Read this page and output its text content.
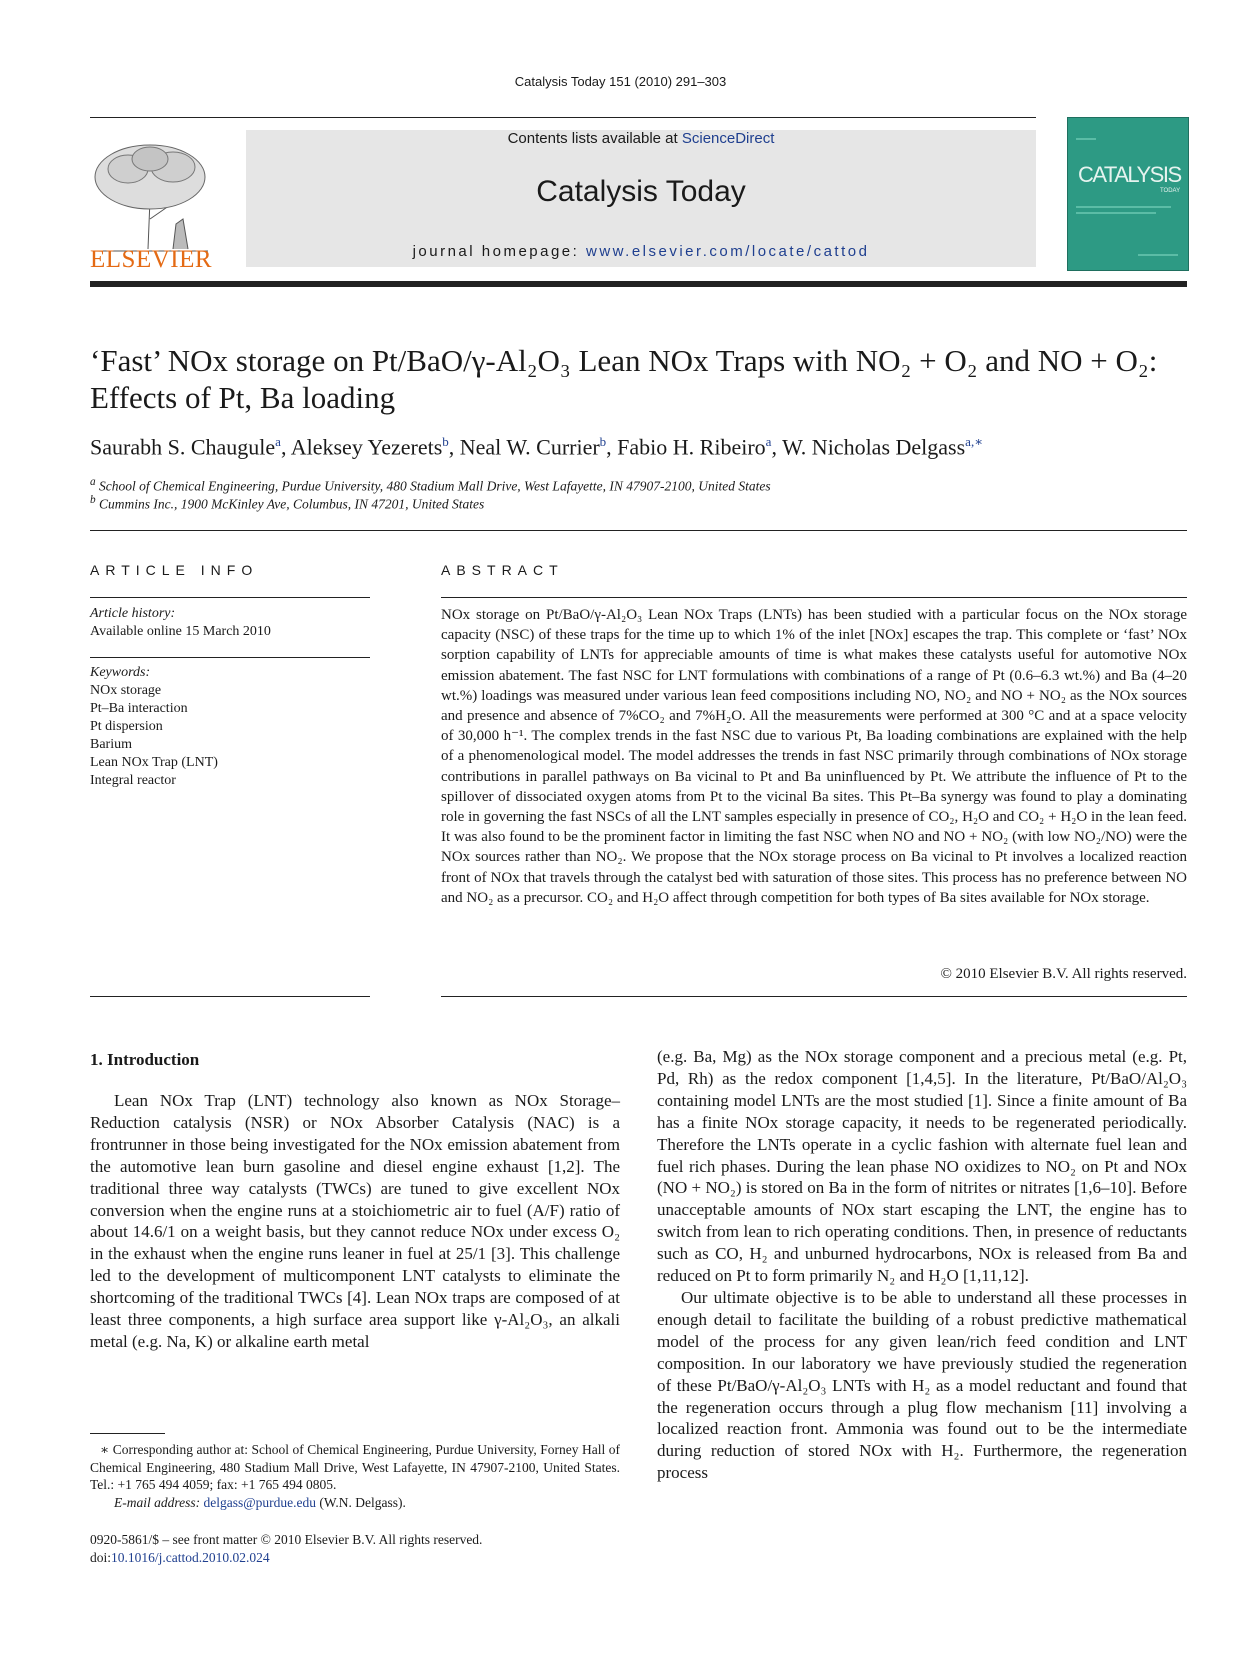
Catalysis Today 151 (2010) 291–303
ELSEVIER
Contents lists available at ScienceDirect
Catalysis Today
journal homepage: www.elsevier.com/locate/cattod
CATALYSIS
TODAY
‘Fast’ NOx storage on Pt/BaO/γ-Al₂O₃ Lean NOx Traps with NO₂ + O₂ and NO + O₂:
Effects of Pt, Ba loading
Saurabh S. Chaugule$^a$, Aleksey Yezerets$^b$, Neal W. Currier$^b$, Fabio H. Ribeiro$^a$, W. Nicholas Delgass$^{a,∗}$
$^a$ School of Chemical Engineering, Purdue University, 480 Stadium Mall Drive, West Lafayette, IN 47907-2100, United States
$^b$ Cummins Inc., 1900 McKinley Ave, Columbus, IN 47201, United States
ARTICLE INFO	ABSTRACT
Article history:
Available online 15 March 2010
Keywords:
NOx storage
Pt–Ba interaction
Pt dispersion
Barium
Lean NOx Trap (LNT)
Integral reactor
NOx storage on Pt/BaO/γ-Al₂O₃ Lean NOx Traps (LNTs) has been studied with a particular focus on the NOx storage capacity (NSC) of these traps for the time up to which 1% of the inlet [NOx] escapes the trap. This complete or ‘fast’ NOx sorption capability of LNTs for appreciable amounts of time is what makes these catalysts useful for automotive NOx emission abatement. The fast NSC for LNT formulations with combinations of a range of Pt (0.6–6.3 wt.%) and Ba (4–20 wt.%) loadings was measured under various lean feed compositions including NO, NO₂ and NO + NO₂ as the NOx sources and presence and absence of 7%CO₂ and 7%H₂O. All the measurements were performed at 300 °C and at a space velocity of 30,000 h⁻¹. The complex trends in the fast NSC due to various Pt, Ba loading combinations are explained with the help of a phenomenological model. The model addresses the trends in fast NSC primarily through combinations of NOx storage contributions in parallel pathways on Ba vicinal to Pt and Ba uninfluenced by Pt. We attribute the influence of Pt to the spillover of dissociated oxygen atoms from Pt to the vicinal Ba sites. This Pt–Ba synergy was found to play a dominating role in governing the fast NSCs of all the LNT samples especially in presence of CO₂, H₂O and CO₂ + H₂O in the lean feed. It was also found to be the prominent factor in limiting the fast NSC when NO and NO + NO₂ (with low NO₂/NO) were the NOx sources rather than NO₂. We propose that the NOx storage process on Ba vicinal to Pt involves a localized reaction front of NOx that travels through the catalyst bed with saturation of those sites. This process has no preference between NO and NO₂ as a precursor. CO₂ and H₂O affect through competition for both types of Ba sites available for NOx storage.
© 2010 Elsevier B.V. All rights reserved.
1. Introduction

Lean NOx Trap (LNT) technology also known as NOx Storage–Reduction catalysis (NSR) or NOx Absorber Catalysis (NAC) is a frontrunner in those being investigated for the NOx emission abatement from the automotive lean burn gasoline and diesel engine exhaust [1,2]. The traditional three way catalysts (TWCs) are tuned to give excellent NOx conversion when the engine runs at a stoichiometric air to fuel (A/F) ratio of about 14.6/1 on a weight basis, but they cannot reduce NOx under excess O₂ in the exhaust when the engine runs leaner in fuel at 25/1 [3]. This challenge led to the development of multicomponent LNT catalysts to eliminate the shortcoming of the traditional TWCs [4]. Lean NOx traps are composed of at least three components, a high surface area support like γ-Al₂O₃, an alkali metal (e.g. Na, K) or alkaline earth metal

(e.g. Ba, Mg) as the NOx storage component and a precious metal (e.g. Pt, Pd, Rh) as the redox component [1,4,5]. In the literature, Pt/BaO/Al₂O₃ containing model LNTs are the most studied [1]. Since a finite amount of Ba has a finite NOx storage capacity, it needs to be regenerated periodically. Therefore the LNTs operate in a cyclic fashion with alternate fuel lean and fuel rich phases. During the lean phase NO oxidizes to NO₂ on Pt and NOx (NO + NO₂) is stored on Ba in the form of nitrites or nitrates [1,6–10]. Before unacceptable amounts of NOx start escaping the LNT, the engine has to switch from lean to rich operating conditions. Then, in presence of reductants such as CO, H₂ and unburned hydrocarbons, NOx is released from Ba and reduced on Pt to form primarily N₂ and H₂O [1,11,12].

Our ultimate objective is to be able to understand all these processes in enough detail to facilitate the building of a robust predictive mathematical model of the process for any given lean/rich feed condition and LNT composition. In our laboratory we have previously studied the regeneration of these Pt/BaO/γ-Al₂O₃ LNTs with H₂ as a model reductant and found that the regeneration occurs through a plug flow mechanism [11] involving a localized reaction front. Ammonia was found out to be the intermediate during reduction of stored NOx with H₂. Furthermore, the regeneration process

∗ Corresponding author at: School of Chemical Engineering, Purdue University, Forney Hall of Chemical Engineering, 480 Stadium Mall Drive, West Lafayette, IN 47907-2100, United States. Tel.: +1 765 494 4059; fax: +1 765 494 0805.
E-mail address: delgass@purdue.edu (W.N. Delgass).
0920-5861/$ – see front matter © 2010 Elsevier B.V. All rights reserved.
doi:10.1016/j.cattod.2010.02.024
